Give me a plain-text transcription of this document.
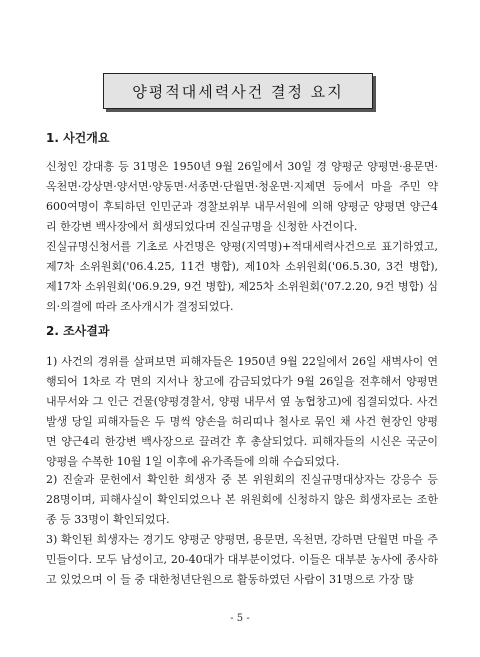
양평적대세력사건 결정 요지
1. 사건개요

신청인 강대흥 등 31명은 1950년 9월 26일에서 30일 경 양평군 양평면·용문면·옥천면·강상면·양서면·양동면·서종면·단월면·청운면·지제면 등에서 마을 주민 약 600여명이 후퇴하던 인민군과 경찰보위부 내무서원에 의해 양평군 양평면 양근4리 한강변 백사장에서 희생되었다며 진실규명을 신청한 사건이다.

진실규명신청서를 기초로 사건명은 양평(지역명)+적대세력사건으로 표기하였고, 제7차 소위원회('06.4.25, 11건 병합), 제10차 소위원회('06.5.30, 3건 병합), 제17차 소위원회('06.9.29, 9건 병합), 제25차 소위원회('07.2.20, 9건 병합) 심의·의결에 따라 조사개시가 결정되었다.

2. 조사결과

1) 사건의 경위를 살펴보면 피해자들은 1950년 9월 22일에서 26일 새벽사이 연행되어 1차로 각 면의 지서나 창고에 감금되었다가 9월 26일을 전후해서 양평면 내무서와 그 인근 건물(양평경찰서, 양평 내무서 옆 농협창고)에 집결되었다. 사건 발생 당일 피해자들은 두 명씩 양손을 허리띠나 철사로 묶인 채 사건 현장인 양평면 양근4리 한강변 백사장으로 끌려간 후 총살되었다. 피해자들의 시신은 국군이 양평을 수복한 10월 1일 이후에 유가족들에 의해 수습되었다.

2) 진술과 문헌에서 확인한 희생자 중 본 위원회의 진실규명대상자는 강응수 등 28명이며, 피해사실이 확인되었으나 본 위원회에 신청하지 않은 희생자로는 조한종 등 33명이 확인되었다.

3) 확인된 희생자는 경기도 양평군 양평면, 용문면, 옥천면, 강하면 단월면 마을 주민들이다. 모두 남성이고, 20-40대가 대부분이었다. 이들은 대부분 농사에 종사하고 있었으며 이 들 중 대한청년단원으로 활동하였던 사람이 31명으로 가장 많

- 5 -
